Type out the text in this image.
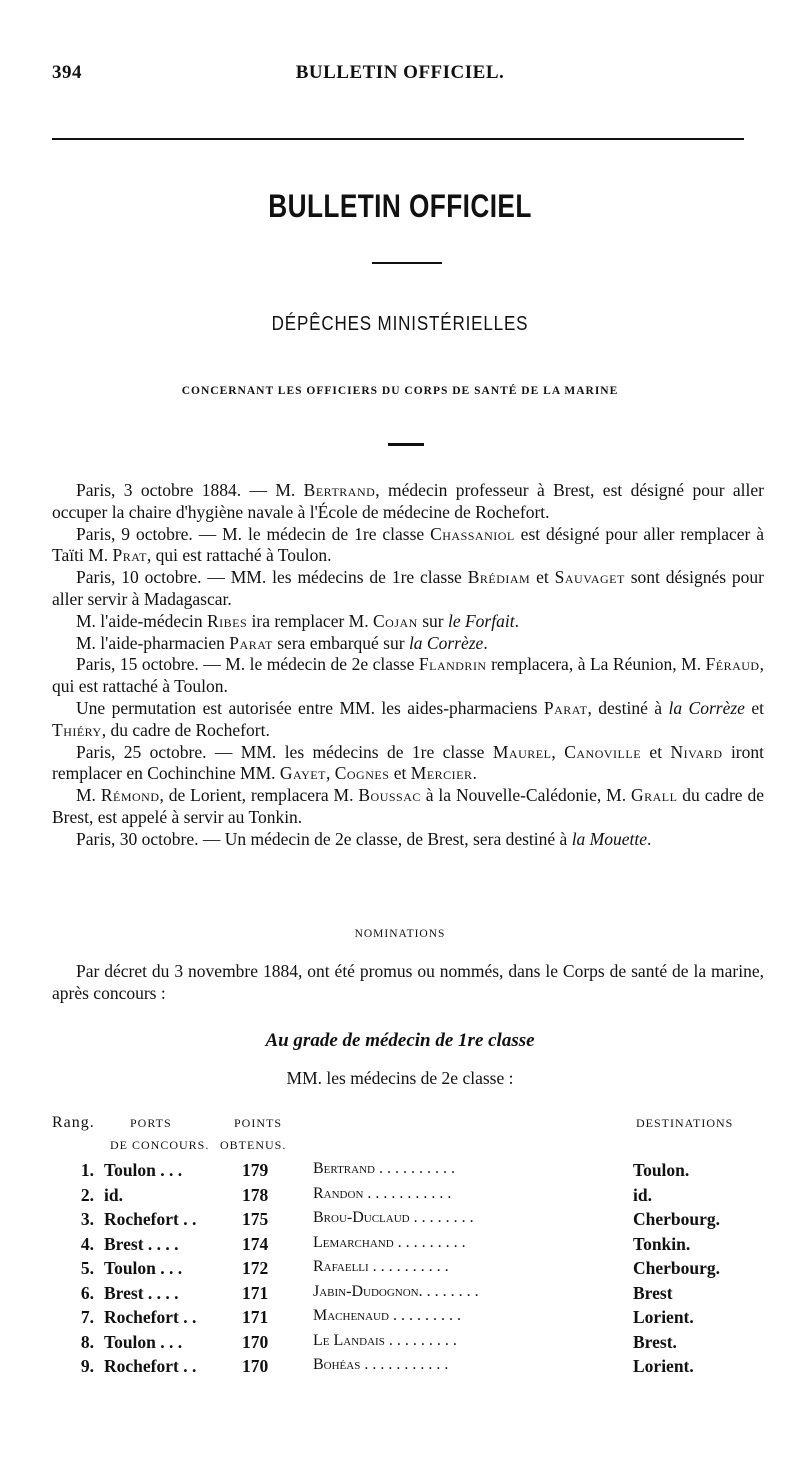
394	BULLETIN OFFICIEL.
BULLETIN OFFICIEL
DÉPÊCHES MINISTÉRIELLES
CONCERNANT LES OFFICIERS DU CORPS DE SANTÉ DE LA MARINE

Paris, 3 octobre 1884. — M. Bertrand, médecin professeur à Brest, est désigné pour aller occuper la chaire d'hygiène navale à l'École de médecine de Rochefort.

Paris, 9 octobre. — M. le médecin de 1re classe Chassaniol est désigné pour aller remplacer à Taïti M. Prat, qui est rattaché à Toulon.

Paris, 10 octobre. — MM. les médecins de 1re classe Brédiam et Sauvaget sont désignés pour aller servir à Madagascar.

M. l'aide-médecin Ribes ira remplacer M. Cojan sur le Forfait.

M. l'aide-pharmacien Parat sera embarqué sur la Corrèze.

Paris, 15 octobre. — M. le médecin de 2e classe Flandrin remplacera, à La Réunion, M. Féraud, qui est rattaché à Toulon.

Une permutation est autorisée entre MM. les aides-pharmaciens Parat, destiné à la Corrèze et Thiéry, du cadre de Rochefort.

Paris, 25 octobre. — MM. les médecins de 1re classe Maurel, Canoville et Nivard iront remplacer en Cochinchine MM. Gayet, Cognes et Mercier.

M. Rémond, de Lorient, remplacera M. Boussac à la Nouvelle-Calédonie, M. Grall du cadre de Brest, est appelé à servir au Tonkin.

Paris, 30 octobre. — Un médecin de 2e classe, de Brest, sera destiné à la Mouette.

NOMINATIONS

Par décret du 3 novembre 1884, ont été promus ou nommés, dans le Corps de santé de la marine, après concours :

Au grade de médecin de 1re classe
MM. les médecins de 2e classe :
Rang.	PORTS	POINTS	DESTINATIONS
DE CONCOURS. OBTENUS.
1. Toulon . . .	179	Bertrand . . . . . . . . . .	Toulon.
2. id.	178	Randon . . . . . . . . . . .	id.
3. Rochefort . .	175	Brou-Duclaud . . . . . . . .	Cherbourg.
4. Brest . . . .	174	Lemarchand . . . . . . . . .	Tonkin.
5. Toulon . . .	172	Rafaelli . . . . . . . . . .	Cherbourg.
6. Brest . . . .	171	Jabin-Dudognon. . . . . . . .	Brest
7. Rochefort . .	171	Machenaud . . . . . . . . .	Lorient.
8. Toulon . . .	170	Le Landais . . . . . . . . .	Brest.
9. Rochefort . .	170	Bohéas . . . . . . . . . . .	Lorient.
